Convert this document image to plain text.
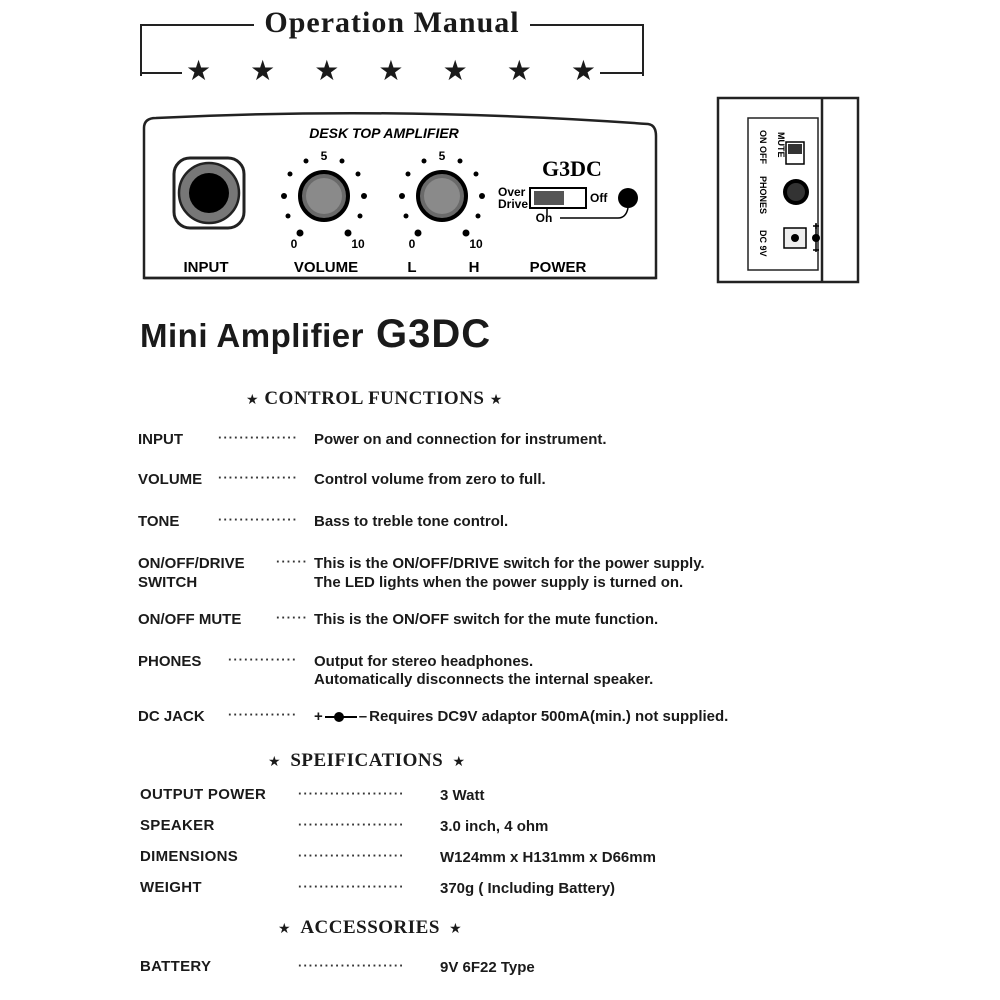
Operation Manual
★ ★ ★ ★ ★ ★ ★
DESK TOP AMPLIFIER
5
0	10
5
0	10
G3DC
Over
Drive	Off
On
INPUT	VOLUME	L	H	POWER
MUTE
ON OFF
PHONES
DC 9V
Mini Amplifier G3DC
★ CONTROL FUNCTIONS ★
INPUT	··············· Power on and connection for instrument.
VOLUME ··············· Control volume from zero to full.
TONE	··············· Bass to treble tone control.
ON/OFF/DRIVE
SWITCH
······ This is the ON/OFF/DRIVE switch for the power supply.
The LED lights when the power supply is turned on.
ON/OFF MUTE	······ This is the ON/OFF switch for the mute function.
PHONES ············· Output for stereo headphones.
Automatically disconnects the internal speaker.
DC JACK ············· + – Requires DC9V adaptor 500mA(min.) not supplied.
★ SPEIFICATIONS ★
OUTPUT POWER ···················· 3 Watt
SPEAKER	···················· 3.0 inch, 4 ohm
DIMENSIONS	···················· W124mm x H131mm x D66mm
WEIGHT	···················· 370g ( Including Battery)
★ ACCESSORIES ★
BATTERY	···················· 9V 6F22 Type
